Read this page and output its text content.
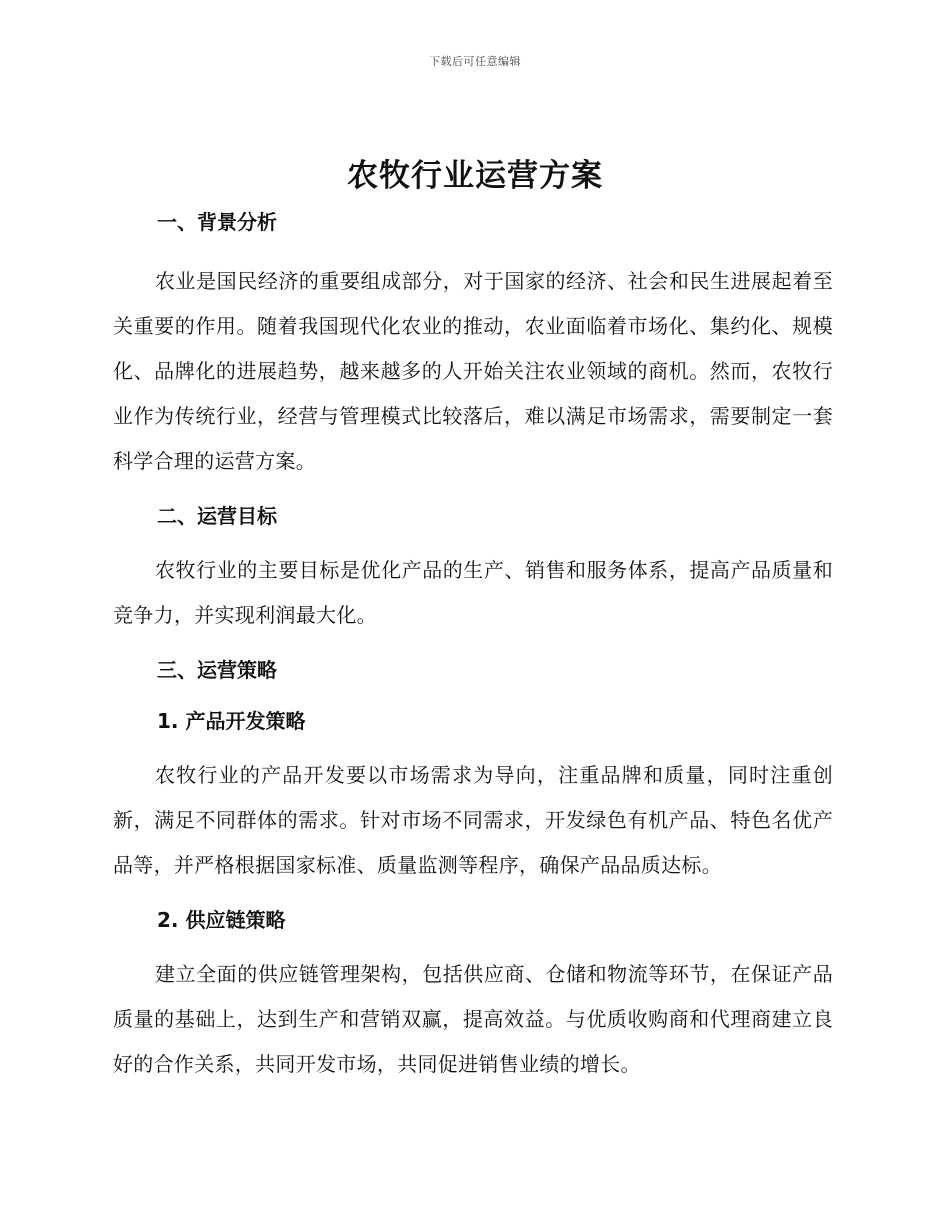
下载后可任意编辑
农牧行业运营方案
一、背景分析

农业是国民经济的重要组成部分，对于国家的经济、社会和民生进展起着至关重要的作用。随着我国现代化农业的推动，农业面临着市场化、集约化、规模化、品牌化的进展趋势，越来越多的人开始关注农业领域的商机。然而，农牧行业作为传统行业，经营与管理模式比较落后，难以满足市场需求，需要制定一套科学合理的运营方案。

二、运营目标

农牧行业的主要目标是优化产品的生产、销售和服务体系，提高产品质量和竞争力，并实现利润最大化。

三、运营策略
1. 产品开发策略

农牧行业的产品开发要以市场需求为导向，注重品牌和质量，同时注重创新，满足不同群体的需求。针对市场不同需求，开发绿色有机产品、特色名优产品等，并严格根据国家标准、质量监测等程序，确保产品品质达标。

2. 供应链策略

建立全面的供应链管理架构，包括供应商、仓储和物流等环节，在保证产品质量的基础上，达到生产和营销双赢，提高效益。与优质收购商和代理商建立良好的合作关系，共同开发市场，共同促进销售业绩的增长。
